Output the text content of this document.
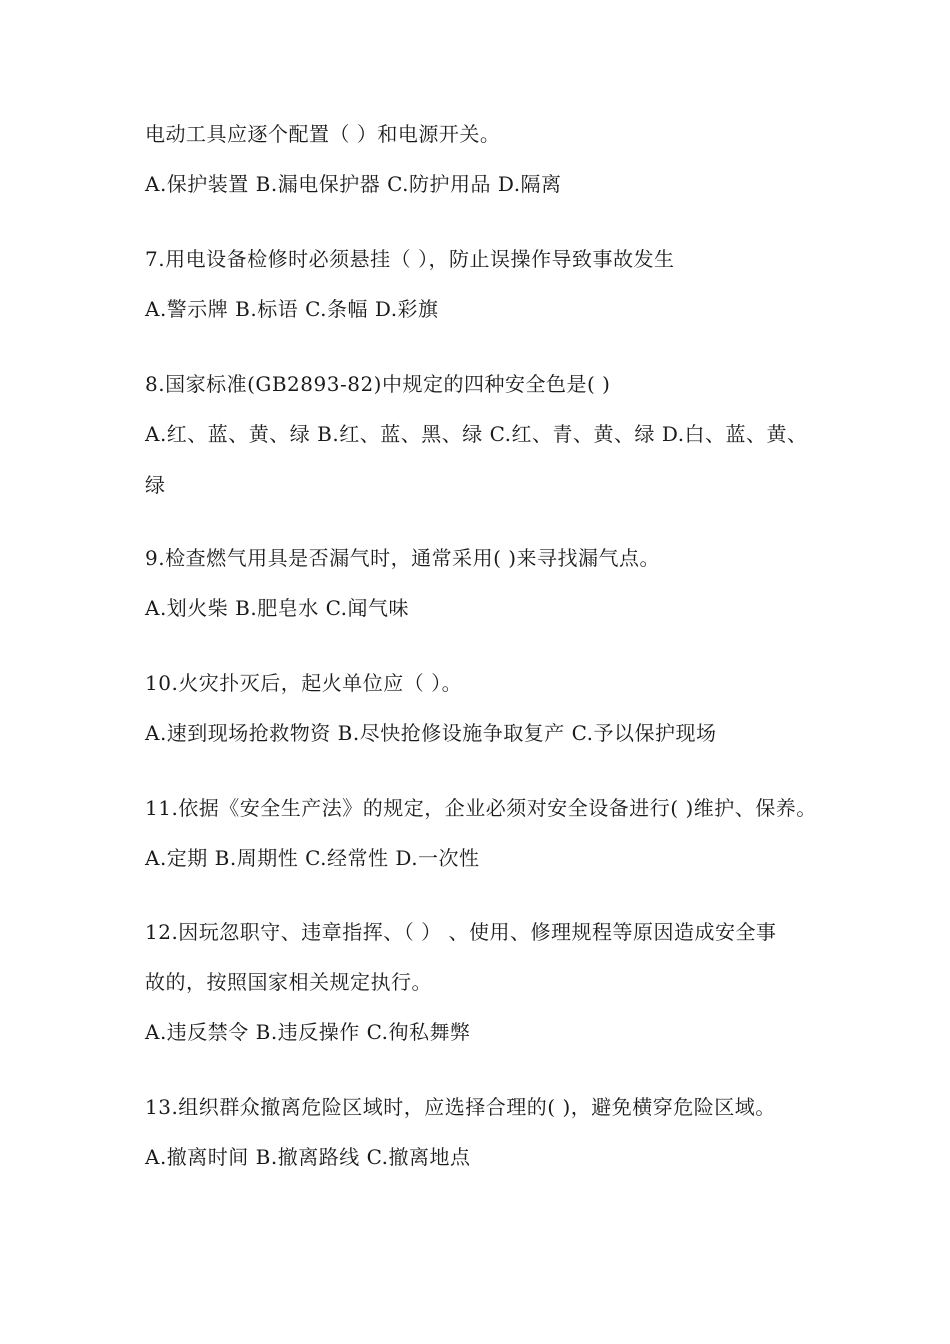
电动工具应逐个配置（ ）和电源开关。
A.保护装置 B.漏电保护器 C.防护用品 D.隔离
7.用电设备检修时必须悬挂（ ），防止误操作导致事故发生
A.警示牌 B.标语 C.条幅 D.彩旗
8.国家标准(GB2893-82)中规定的四种安全色是( )
A.红、蓝、黄、绿 B.红、蓝、黑、绿 C.红、青、黄、绿 D.白、蓝、黄、
绿
9.检查燃气用具是否漏气时，通常采用( )来寻找漏气点。
A.划火柴 B.肥皂水 C.闻气味
10.火灾扑灭后，起火单位应（ ）。
A.速到现场抢救物资 B.尽快抢修设施争取复产 C.予以保护现场
11.依据《安全生产法》的规定，企业必须对安全设备进行( )维护、保养。
A.定期 B.周期性 C.经常性 D.一次性
12.因玩忽职守、违章指挥、（ ） 、使用、修理规程等原因造成安全事
故的，按照国家相关规定执行。
A.违反禁令 B.违反操作 C.徇私舞弊
13.组织群众撤离危险区域时，应选择合理的( )，避免横穿危险区域。
A.撤离时间 B.撤离路线 C.撤离地点
